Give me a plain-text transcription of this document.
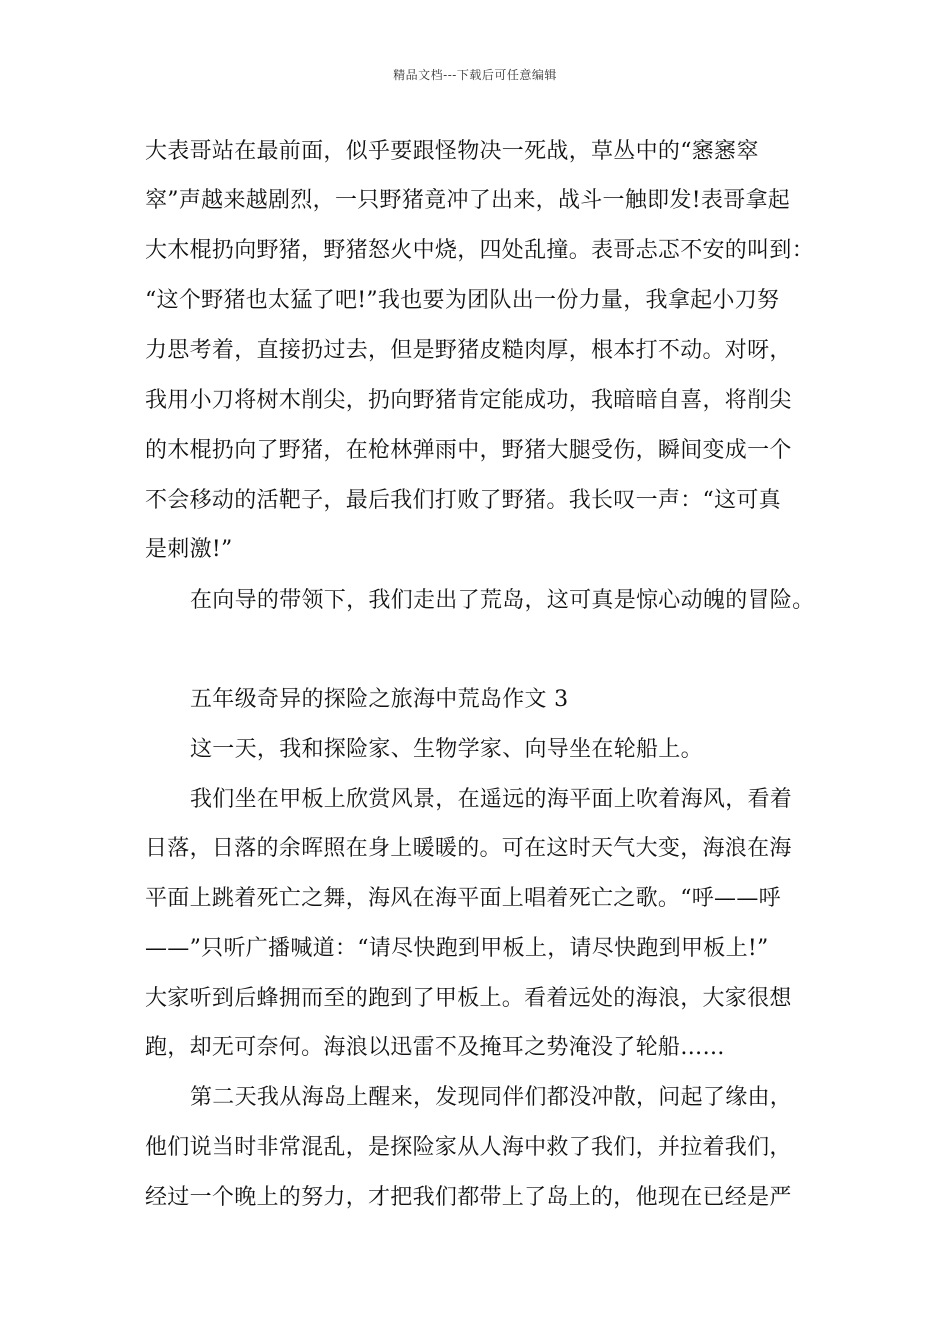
精品文档---下载后可任意编辑
大表哥站在最前面，似乎要跟怪物决一死战，草丛中的“窸窸窣
窣”声越来越剧烈，一只野猪竟冲了出来，战斗一触即发!表哥拿起
大木棍扔向野猪，野猪怒火中烧，四处乱撞。表哥忐忑不安的叫到：
“这个野猪也太猛了吧!”我也要为团队出一份力量，我拿起小刀努
力思考着，直接扔过去，但是野猪皮糙肉厚，根本打不动。对呀，
我用小刀将树木削尖，扔向野猪肯定能成功，我暗暗自喜，将削尖
的木棍扔向了野猪，在枪林弹雨中，野猪大腿受伤，瞬间变成一个
不会移动的活靶子，最后我们打败了野猪。我长叹一声：“这可真
是刺激!”
在向导的带领下，我们走出了荒岛，这可真是惊心动魄的冒险。
五年级奇异的探险之旅海中荒岛作文 3
这一天，我和探险家、生物学家、向导坐在轮船上。
我们坐在甲板上欣赏风景，在遥远的海平面上吹着海风，看着
日落，日落的余晖照在身上暖暖的。可在这时天气大变，海浪在海
平面上跳着死亡之舞，海风在海平面上唱着死亡之歌。“呼——呼
——”只听广播喊道：“请尽快跑到甲板上，请尽快跑到甲板上!”
大家听到后蜂拥而至的跑到了甲板上。看着远处的海浪，大家很想
跑，却无可奈何。海浪以迅雷不及掩耳之势淹没了轮船……
第二天我从海岛上醒来，发现同伴们都没冲散，问起了缘由，
他们说当时非常混乱，是探险家从人海中救了我们，并拉着我们，
经过一个晚上的努力，才把我们都带上了岛上的，他现在已经是严
